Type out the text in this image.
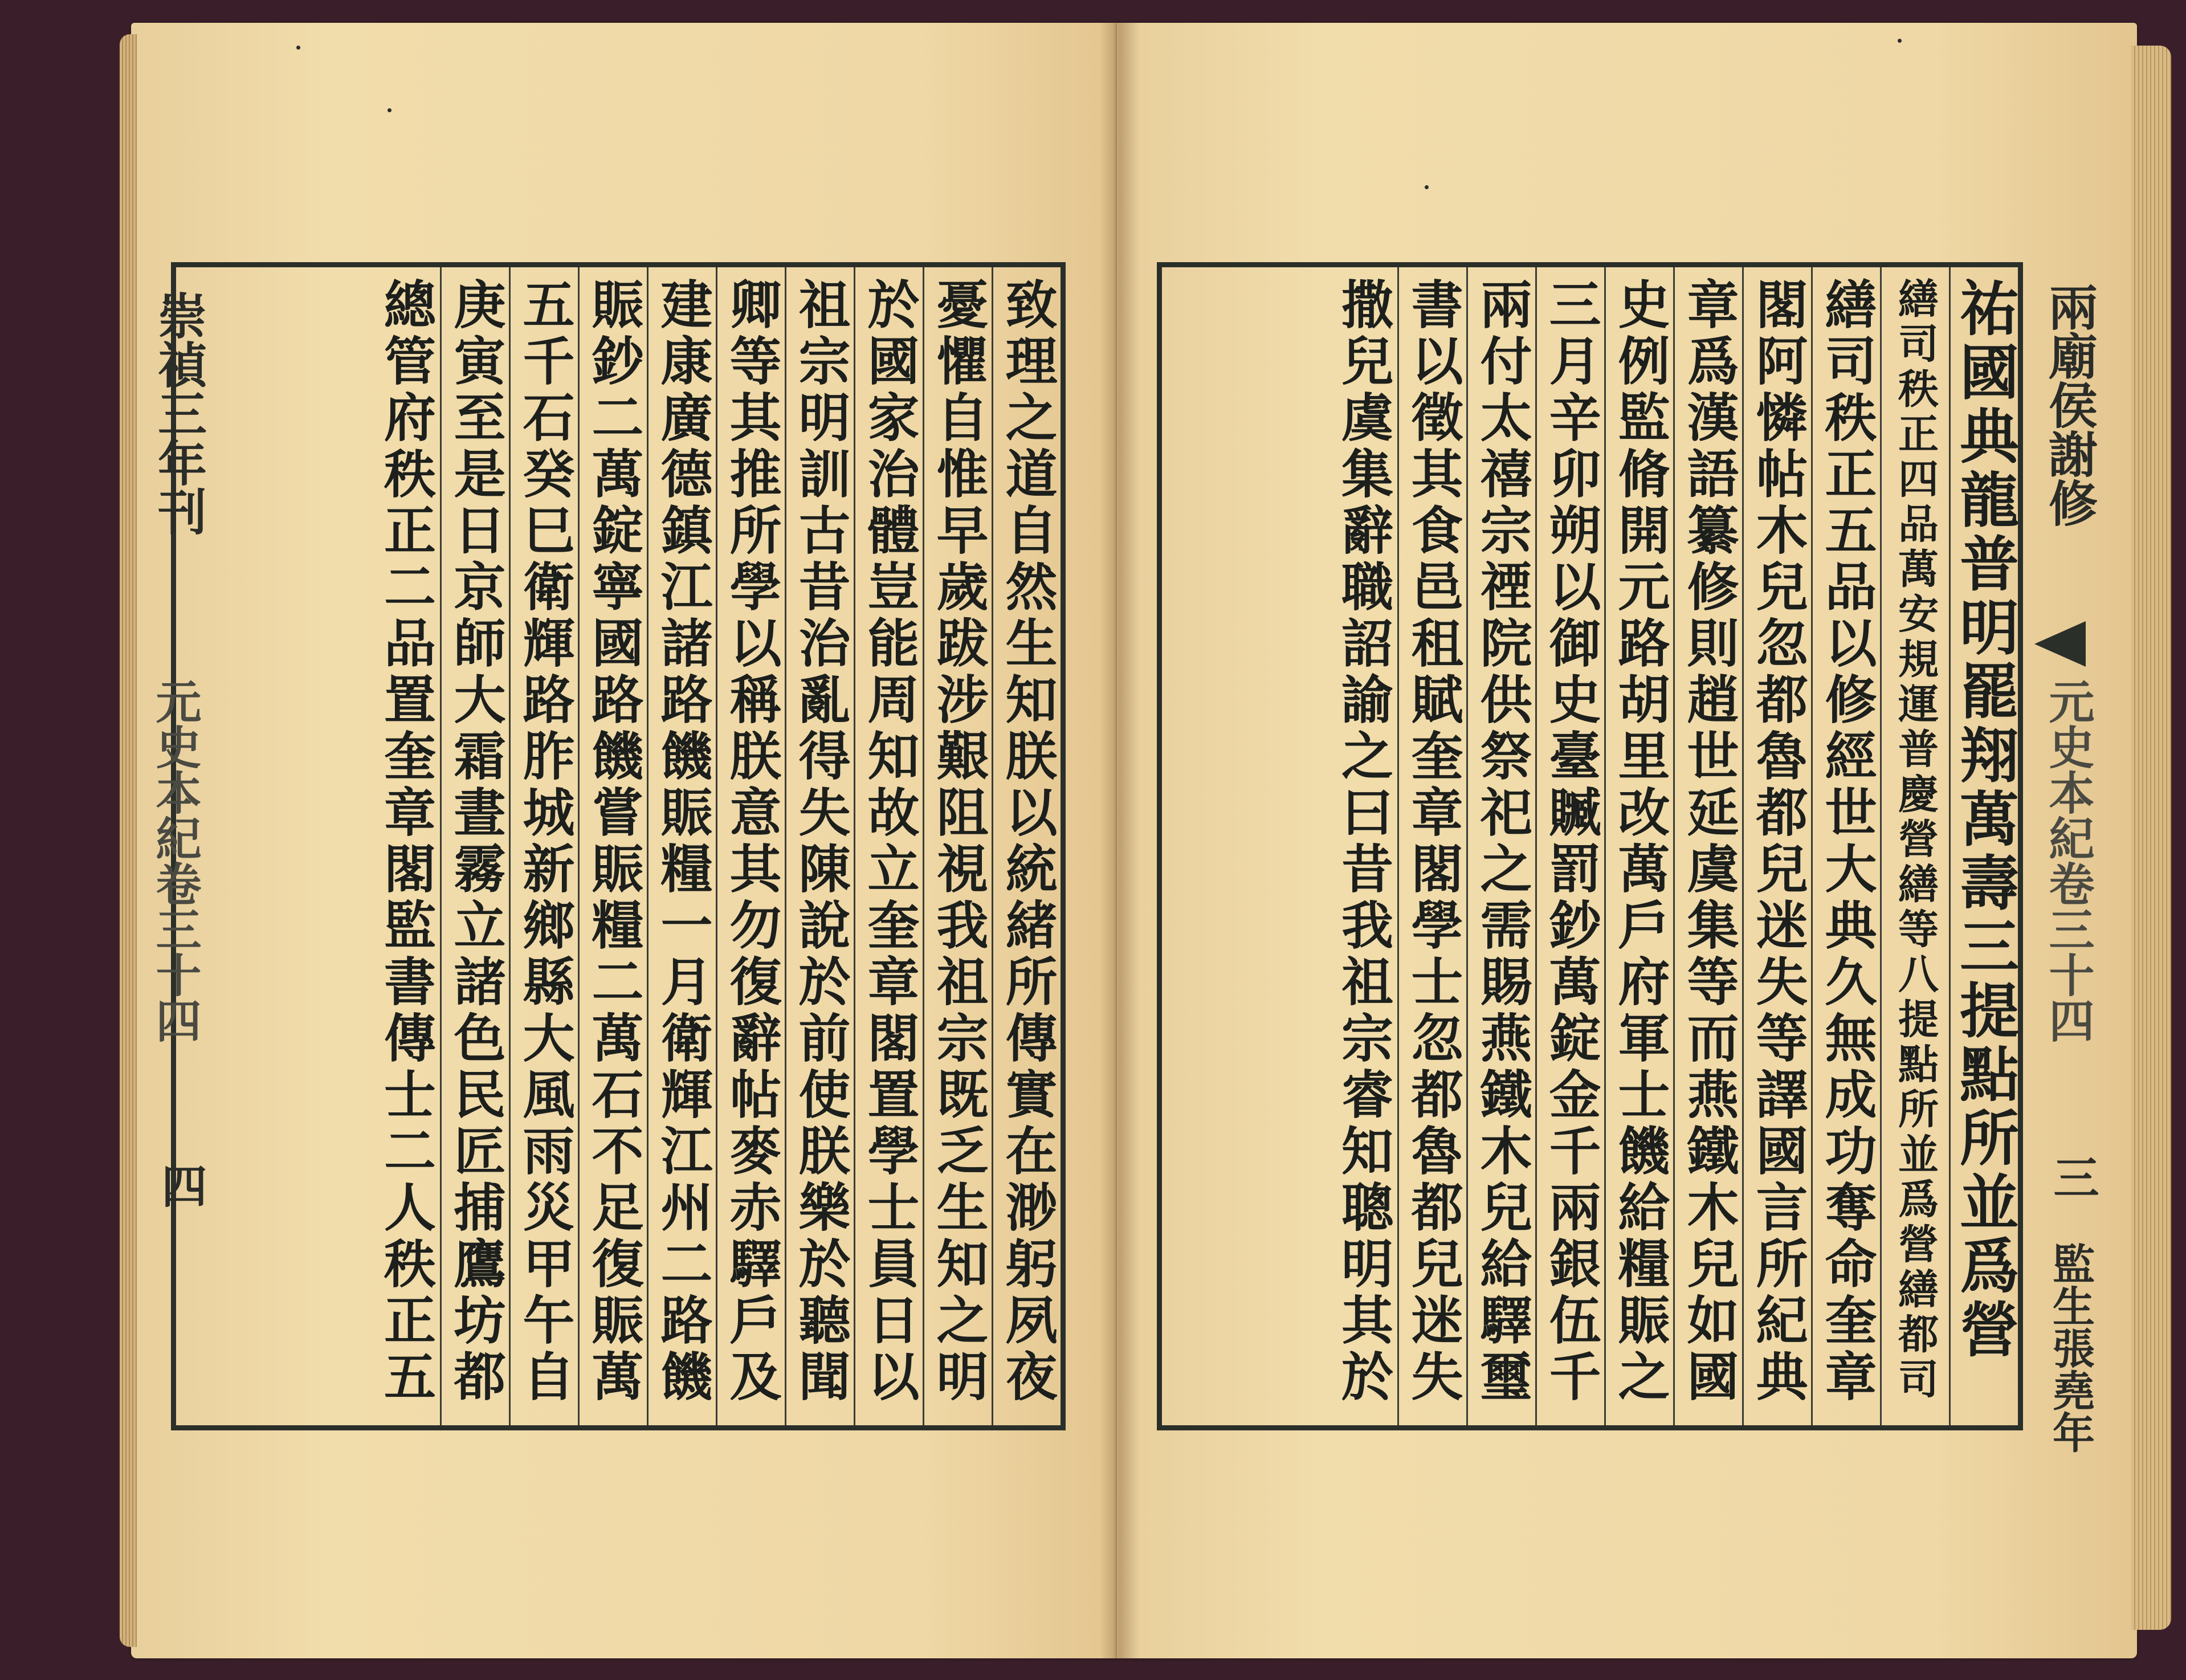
致理之道自然生知朕以統緒所傳實在渺躬夙夜
憂懼自惟早歲跋涉艱阻視我祖宗既乏生知之明
於國家治體豈能周知故立奎章閣置學士員日以
祖宗明訓古昔治亂得失陳說於前使朕樂於聽聞
卿等其推所學以稱朕意其勿復辭帖麥赤驛戶及
建康廣德鎮江諸路饑賑糧一月衛輝江州二路饑
賑鈔二萬錠寧國路饑嘗賑糧二萬石不足復賑萬
五千石癸巳衛輝路胙城新鄉縣大風雨災甲午自
庚寅至是日京師大霜晝霧立諸色民匠捕鷹坊都
總管府秩正二品置奎章閣監書傳士二人秩正五
崇禎三年刊
元史本紀卷三十四
四	祐國典龍普明罷翔萬壽三提點所並爲營
繕司秩正四品萬安規運普慶營繕等八提點所並爲營繕都司
繕司秩正五品以修經世大典久無成功奪命奎章
閣阿憐帖木兒忽都魯都兒迷失等譯國言所紀典
章爲漢語纂修則趙世延虞集等而燕鐵木兒如國
史例監脩開元路胡里改萬戶府軍士饑給糧賑之
三月辛卯朔以御史臺贓罰鈔萬錠金千兩銀伍千
兩付太禧宗禋院供祭祀之需賜燕鐵木兒給驛璽
書以徵其食邑租賦奎章閣學士忽都魯都兒迷失
撒兒虞集辭職詔諭之曰昔我祖宗睿知聰明其於	兩廟侯謝修
元史本紀卷三十四
三
監生張堯年
